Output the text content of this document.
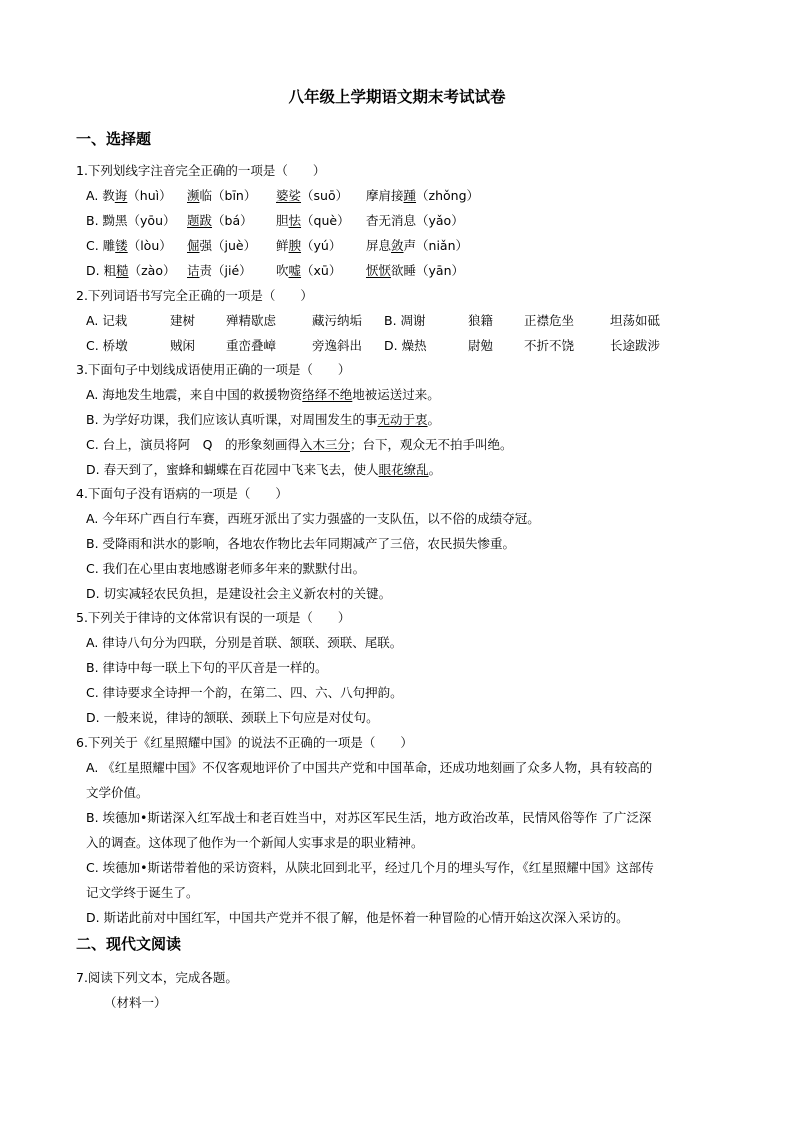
八年级上学期语文期末考试试卷
一、选择题
1.下列划线字注音完全正确的一项是（　　）
A. 教诲（huì） 濒临（bīn） 婆娑（suō） 摩肩接踵（zhǒng）
B. 黝黑（yōu） 题跋（bá） 胆怯（què） 杳无消息（yǎo）
C. 雕镂（lòu） 倔强（juè） 鲜腴（yú） 屏息敛声（niǎn）
D. 粗糙（zào） 诘责（jié） 吹嘘（xū） 恹恹欲睡（yān）
2.下列词语书写完全正确的一项是（　　）
A. 记栽	建树 殚精歇虑	藏污纳垢 B. 凋谢	狼籍 正襟危坐	坦荡如砥
C. 桥墩	贼闲 重峦叠嶂	旁逸斜出 D. 燥热	尉勉 不折不饶	长途跋涉
3.下面句子中划线成语使用正确的一项是（　　）
A. 海地发生地震，来自中国的救援物资络绎不绝地被运送过来。
B. 为学好功课，我们应该认真听课，对周围发生的事无动于衷。
C. 台上，演员将阿　Q　的形象刻画得入木三分；台下，观众无不拍手叫绝。
D. 春天到了，蜜蜂和蝴蝶在百花园中飞来飞去，使人眼花缭乱。
4.下面句子没有语病的一项是（　　）
A. 今年环广西自行车赛，西班牙派出了实力强盛的一支队伍，以不俗的成绩夺冠。
B. 受降雨和洪水的影响，各地农作物比去年同期减产了三倍，农民损失惨重。
C. 我们在心里由衷地感谢老师多年来的默默付出。
D. 切实减轻农民负担，是建设社会主义新农村的关键。
5.下列关于律诗的文体常识有误的一项是（　　）
A. 律诗八句分为四联，分别是首联、颔联、颈联、尾联。
B. 律诗中每一联上下句的平仄音是一样的。
C. 律诗要求全诗押一个韵，在第二、四、六、八句押韵。
D. 一般来说，律诗的颔联、颈联上下句应是对仗句。
6.下列关于《红星照耀中国》的说法不正确的一项是（　　）
A. 《红星照耀中国》不仅客观地评价了中国共产党和中国革命，还成功地刻画了众多人物，具有较高的
文学价值。
B. 埃德加•斯诺深入红军战士和老百姓当中，对苏区军民生活，地方政治改革，民情风俗等作 了广泛深
入的调查。这体现了他作为一个新闻人实事求是的职业精神。
C. 埃德加•斯诺带着他的采访资料，从陕北回到北平，经过几个月的埋头写作，《红星照耀中国》这部传
记文学终于诞生了。
D. 斯诺此前对中国红军，中国共产党并不很了解，他是怀着一种冒险的心情开始这次深入采访的。
二、现代文阅读
7.阅读下列文本，完成各题。
（材料一）
